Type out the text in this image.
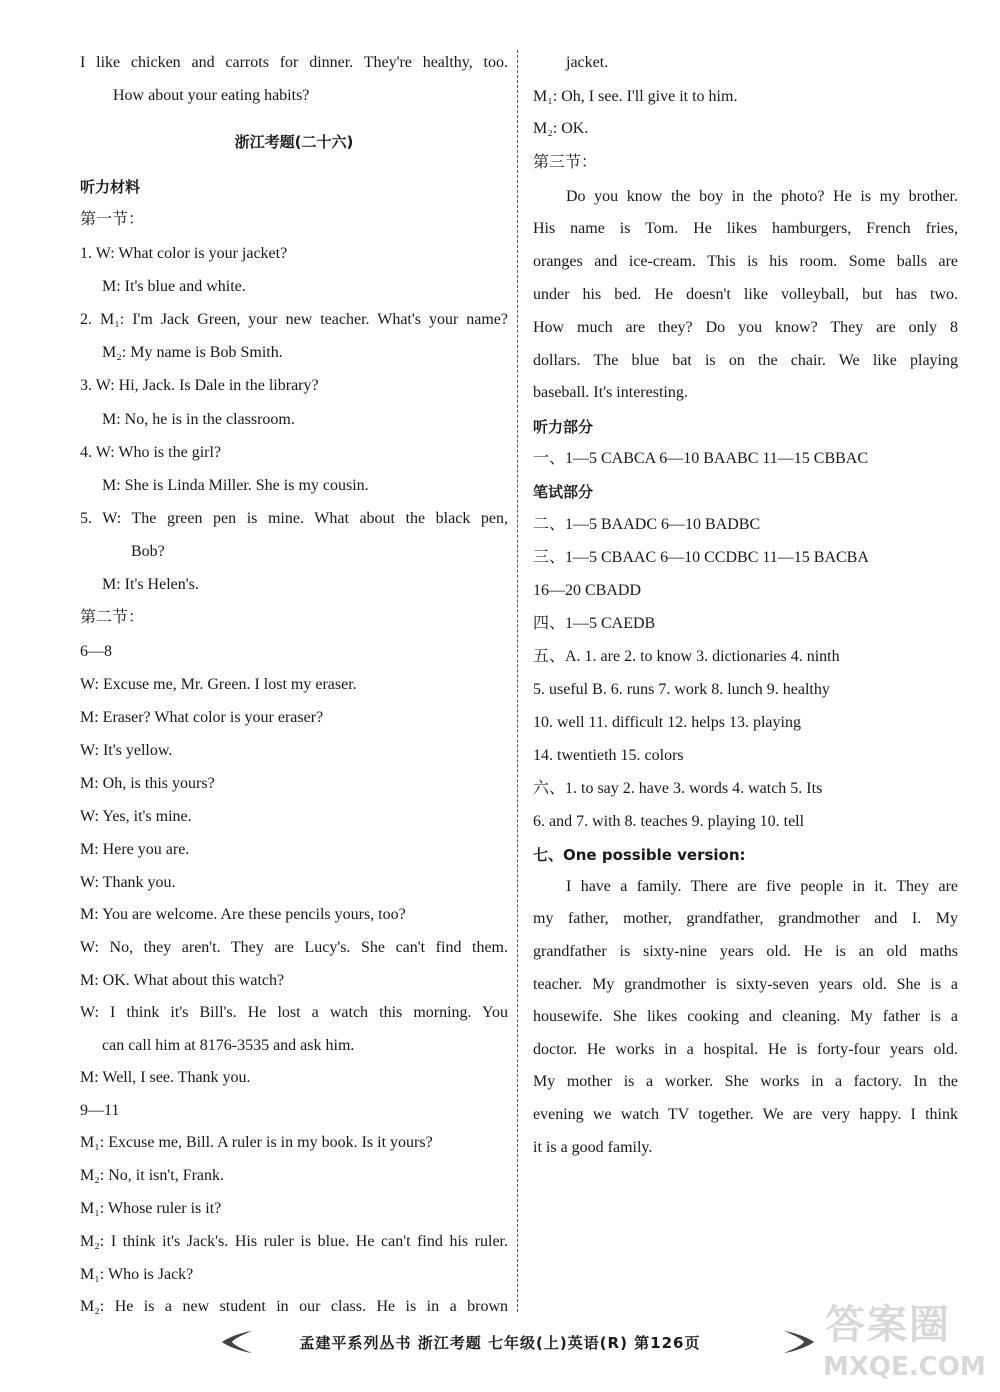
I like chicken and carrots for dinner. They're healthy, too.
How about your eating habits?
浙江考题(二十六)
听力材料
第一节：
1. W: What color is your jacket?
M: It's blue and white.
2. M₁: I'm Jack Green, your new teacher. What's your name?
M₂: My name is Bob Smith.
3. W: Hi, Jack. Is Dale in the library?
M: No, he is in the classroom.
4. W: Who is the girl?
M: She is Linda Miller. She is my cousin.
5. W: The green pen is mine. What about the black pen,
Bob?
M: It's Helen's.
第二节：
6—8
W: Excuse me, Mr. Green. I lost my eraser.
M: Eraser? What color is your eraser?
W: It's yellow.
M: Oh, is this yours?
W: Yes, it's mine.
M: Here you are.
W: Thank you.
M: You are welcome. Are these pencils yours, too?
W: No, they aren't. They are Lucy's. She can't find them.
M: OK. What about this watch?
W: I think it's Bill's. He lost a watch this morning. You
can call him at 8176-3535 and ask him.
M: Well, I see. Thank you.
9—11
M₁: Excuse me, Bill. A ruler is in my book. Is it yours?
M₂: No, it isn't, Frank.
M₁: Whose ruler is it?
M₂: I think it's Jack's. His ruler is blue. He can't find his ruler.
M₁: Who is Jack?
M₂: He is a new student in our class. He is in a brown
jacket.
M₁: Oh, I see. I'll give it to him.
M₂: OK.
第三节：
Do you know the boy in the photo? He is my brother.
His name is Tom. He likes hamburgers, French fries,
oranges and ice-cream. This is his room. Some balls are
under his bed. He doesn't like volleyball, but has two.
How much are they? Do you know? They are only 8
dollars. The blue bat is on the chair. We like playing
baseball. It's interesting.
听力部分
一、1—5 CABCA 6—10 BAABC 11—15 CBBAC
笔试部分
二、1—5 BAADC 6—10 BADBC
三、1—5 CBAAC 6—10 CCDBC 11—15 BACBA
16—20 CBADD
四、1—5 CAEDB
五、A. 1. are 2. to know 3. dictionaries 4. ninth
5. useful B. 6. runs 7. work 8. lunch 9. healthy
10. well 11. difficult 12. helps 13. playing
14. twentieth 15. colors
六、1. to say 2. have 3. words 4. watch 5. Its
6. and 7. with 8. teaches 9. playing 10. tell
七、One possible version:
I have a family. There are five people in it. They are
my father, mother, grandfather, grandmother and I. My
grandfather is sixty-nine years old. He is an old maths
teacher. My grandmother is sixty-seven years old. She is a
housewife. She likes cooking and cleaning. My father is a
doctor. He works in a hospital. He is forty-four years old.
My mother is a worker. She works in a factory. In the
evening we watch TV together. We are very happy. I think
it is a good family.
孟建平系列丛书 浙江考题 七年级(上)英语(R) 第126页	答案圈
MXQE.COM
